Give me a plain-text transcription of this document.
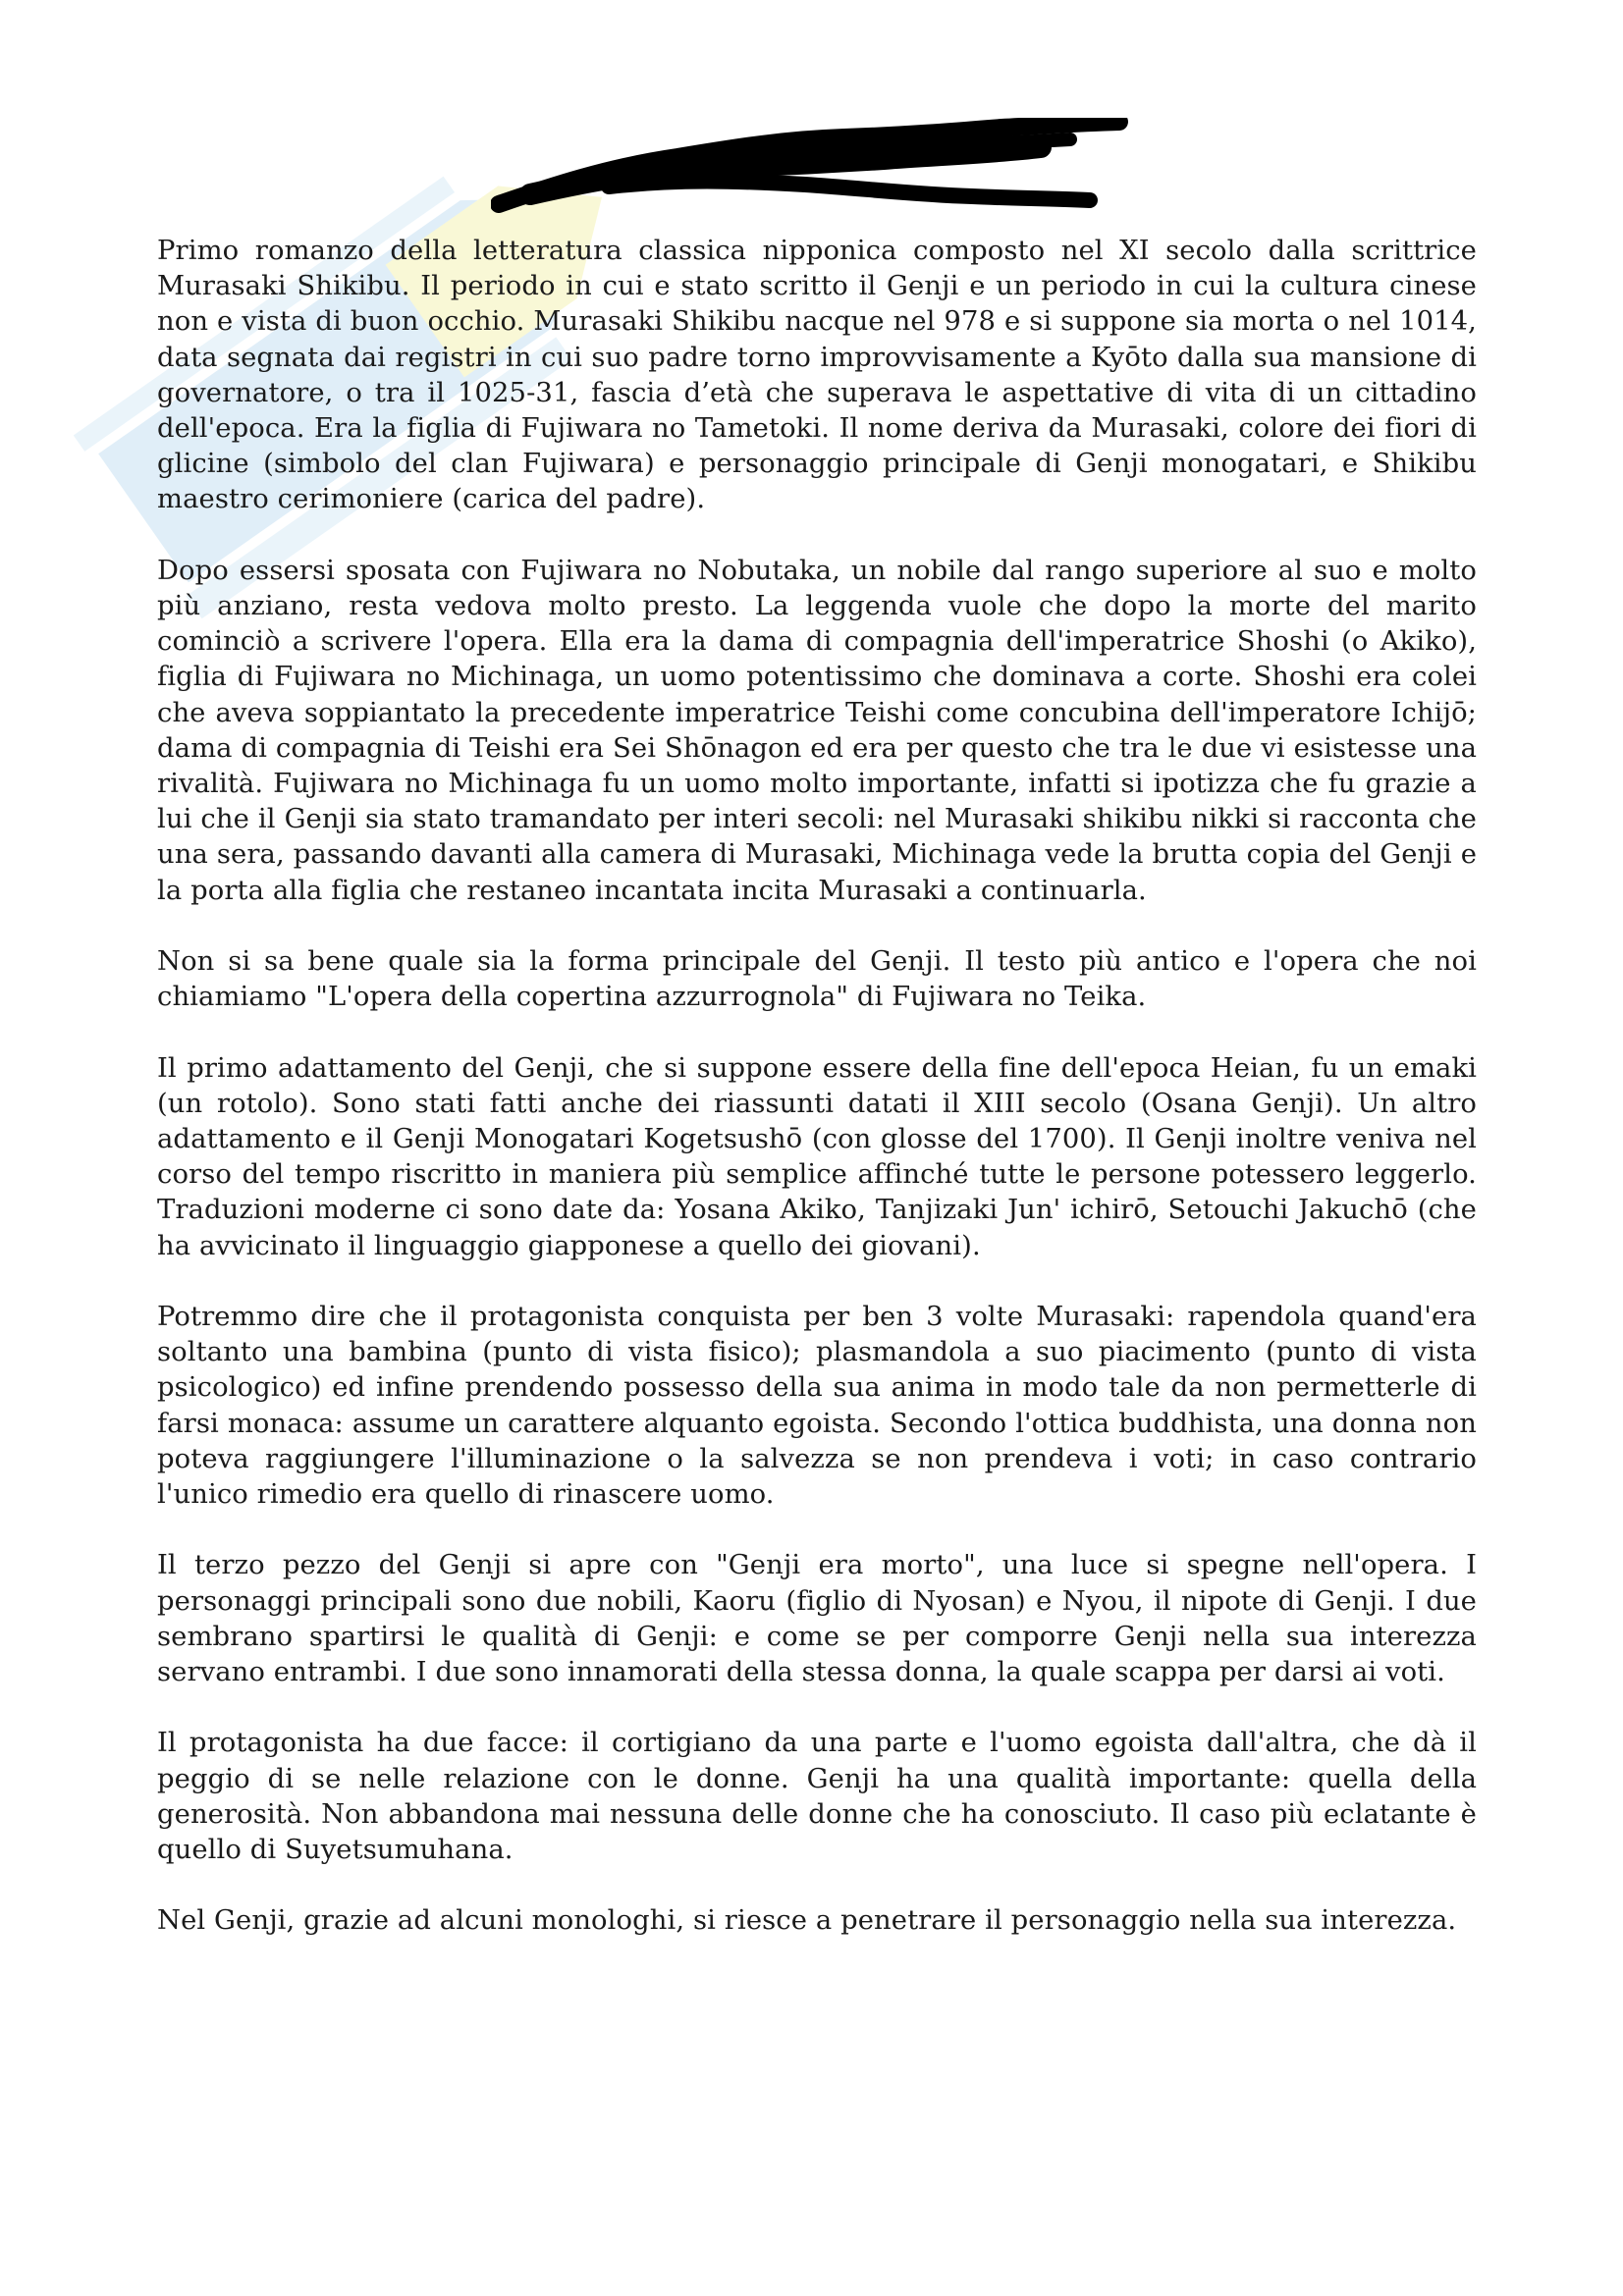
Primo romanzo della letteratura classica nipponica composto nel XI secolo dalla scrittrice Murasaki Shikibu. Il periodo in cui e stato scritto il Genji e un periodo in cui la cultura cinese non e vista di buon occhio. Murasaki Shikibu nacque nel 978 e si suppone sia morta o nel 1014, data segnata dai registri in cui suo padre torno improvvisamente a Kyōto dalla sua mansione di governatore, o tra il 1025-31, fascia d’età che superava le aspettative di vita di un cittadino dell'epoca. Era la figlia di Fujiwara no Tametoki. Il nome deriva da Murasaki, colore dei fiori di glicine (simbolo del clan Fujiwara) e personaggio principale di Genji monogatari, e Shikibu maestro cerimoniere (carica del padre).

Dopo essersi sposata con Fujiwara no Nobutaka, un nobile dal rango superiore al suo e molto più anziano, resta vedova molto presto. La leggenda vuole che dopo la morte del marito cominciò a scrivere l'opera. Ella era la dama di compagnia dell'imperatrice Shoshi (o Akiko), figlia di Fujiwara no Michinaga, un uomo potentissimo che dominava a corte. Shoshi era colei che aveva soppiantato la precedente imperatrice Teishi come concubina dell'imperatore Ichijō; dama di compagnia di Teishi era Sei Shōnagon ed era per questo che tra le due vi esistesse una rivalità. Fujiwara no Michinaga fu un uomo molto importante, infatti si ipotizza che fu grazie a lui che il Genji sia stato tramandato per interi secoli: nel Murasaki shikibu nikki si racconta che una sera, passando davanti alla camera di Murasaki, Michinaga vede la brutta copia del Genji e la porta alla figlia che restaneo incantata incita Murasaki a continuarla.

Non si sa bene quale sia la forma principale del Genji. Il testo più antico e l'opera che noi chiamiamo "L'opera della copertina azzurrognola" di Fujiwara no Teika.

Il primo adattamento del Genji, che si suppone essere della fine dell'epoca Heian, fu un emaki (un rotolo). Sono stati fatti anche dei riassunti datati il XIII secolo (Osana Genji). Un altro adattamento e il Genji Monogatari Kogetsushō (con glosse del 1700). Il Genji inoltre veniva nel corso del tempo riscritto in maniera più semplice affinché tutte le persone potessero leggerlo. Traduzioni moderne ci sono date da: Yosana Akiko, Tanjizaki Jun' ichirō, Setouchi Jakuchō (che ha avvicinato il linguaggio giapponese a quello dei giovani).

Potremmo dire che il protagonista conquista per ben 3 volte Murasaki: rapendola quand'era soltanto una bambina (punto di vista fisico); plasmandola a suo piacimento (punto di vista psicologico) ed infine prendendo possesso della sua anima in modo tale da non permetterle di farsi monaca: assume un carattere alquanto egoista. Secondo l'ottica buddhista, una donna non poteva raggiungere l'illuminazione o la salvezza se non prendeva i voti; in caso contrario l'unico rimedio era quello di rinascere uomo.

Il terzo pezzo del Genji si apre con "Genji era morto", una luce si spegne nell'opera. I personaggi principali sono due nobili, Kaoru (figlio di Nyosan) e Nyou, il nipote di Genji. I due sembrano spartirsi le qualità di Genji: e come se per comporre Genji nella sua interezza servano entrambi. I due sono innamorati della stessa donna, la quale scappa per darsi ai voti.

Il protagonista ha due facce: il cortigiano da una parte e l'uomo egoista dall'altra, che dà il peggio di se nelle relazione con le donne. Genji ha una qualità importante: quella della generosità. Non abbandona mai nessuna delle donne che ha conosciuto. Il caso più eclatante è quello di Suyetsumuhana.

Nel Genji, grazie ad alcuni monologhi, si riesce a penetrare il personaggio nella sua interezza.
